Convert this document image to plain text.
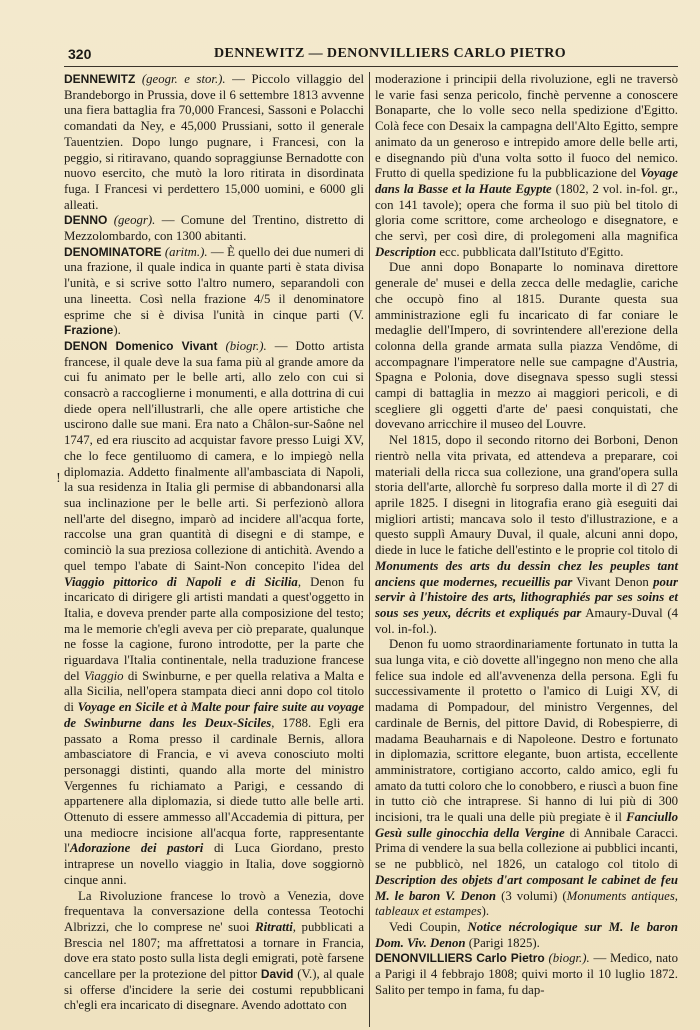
320	DENNEWITZ — DENONVILLIERS CARLO PIETRO
!

DENNEWITZ (geogr. e stor.). — Piccolo villaggio del Brandeborgo in Prussia, dove il 6 settembre 1813 avvenne una fiera battaglia fra 70,000 Francesi, Sassoni e Polacchi comandati da Ney, e 45,000 Prussiani, sotto il generale Tauentzien. Dopo lungo pugnare, i Francesi, con la peggio, si ritiravano, quando sopraggiunse Bernadotte con nuovo esercito, che mutò la loro ritirata in disordinata fuga. I Francesi vi perdettero 15,000 uomini, e 6000 gli alleati.

DENNO (geogr). — Comune del Trentino, distretto di Mezzolombardo, con 1300 abitanti.

DENOMINATORE (aritm.). — È quello dei due numeri di una frazione, il quale indica in quante parti è stata divisa l'unità, e si scrive sotto l'altro numero, separandoli con una lineetta. Così nella frazione 4/5 il denominatore esprime che si è divisa l'unità in cinque parti (V. Frazione).

DENON Domenico Vivant (biogr.). — Dotto artista francese, il quale deve la sua fama più al grande amore da cui fu animato per le belle arti, allo zelo con cui si consacrò a raccoglierne i monumenti, e alla dottrina di cui diede opera nell'illustrarli, che alle opere artistiche che uscirono dalle sue mani. Era nato a Châlon-sur-Saône nel 1747, ed era riuscito ad acquistar favore presso Luigi XV, che lo fece gentiluomo di camera, e lo impiegò nella diplomazia. Addetto finalmente all'ambasciata di Napoli, la sua residenza in Italia gli permise di abbandonarsi alla sua inclinazione per le belle arti. Si perfezionò allora nell'arte del disegno, imparò ad incidere all'acqua forte, raccolse una gran quantità di disegni e di stampe, e cominciò la sua preziosa collezione di antichità. Avendo a quel tempo l'abate di Saint-Non concepito l'idea del Viaggio pittorico di Napoli e di Sicilia, Denon fu incaricato di dirigere gli artisti mandati a quest'oggetto in Italia, e doveva prender parte alla composizione del testo; ma le memorie ch'egli aveva per ciò preparate, qualunque ne fosse la cagione, furono introdotte, per la parte che riguardava l'Italia continentale, nella traduzione francese del Viaggio di Swinburne, e per quella relativa a Malta e alla Sicilia, nell'opera stampata dieci anni dopo col titolo di Voyage en Sicile et à Malte pour faire suite au voyage de Swinburne dans les Deux-Siciles, 1788. Egli era passato a Roma presso il cardinale Bernis, allora ambasciatore di Francia, e vi aveva conosciuto molti personaggi distinti, quando alla morte del ministro Vergennes fu richiamato a Parigi, e cessando di appartenere alla diplomazia, si diede tutto alle belle arti. Ottenuto di essere ammesso all'Accademia di pittura, per una mediocre incisione all'acqua forte, rappresentante l'Adorazione dei pastori di Luca Giordano, presto intraprese un novello viaggio in Italia, dove soggiornò cinque anni.

La Rivoluzione francese lo trovò a Venezia, dove frequentava la conversazione della contessa Teotochi Albrizzi, che lo comprese ne' suoi Ritratti, pubblicati a Brescia nel 1807; ma affrettatosi a tornare in Francia, dove era stato posto sulla lista degli emigrati, potè farsene cancellare per la protezione del pittor David (V.), al quale si offerse d'incidere la serie dei costumi repubblicani ch'egli era incaricato di disegnare. Avendo adottato con

moderazione i principii della rivoluzione, egli ne traversò le varie fasi senza pericolo, finchè pervenne a conoscere Bonaparte, che lo volle seco nella spedizione d'Egitto. Colà fece con Desaix la campagna dell'Alto Egitto, sempre animato da un generoso e intrepido amore delle belle arti, e disegnando più d'una volta sotto il fuoco del nemico. Frutto di quella spedizione fu la pubblicazione del Voyage dans la Basse et la Haute Egypte (1802, 2 vol. in-fol. gr., con 141 tavole); opera che forma il suo più bel titolo di gloria come scrittore, come archeologo e disegnatore, e che servì, per così dire, di prolegomeni alla magnifica Description ecc. pubblicata dall'Istituto d'Egitto.

Due anni dopo Bonaparte lo nominava direttore generale de' musei e della zecca delle medaglie, cariche che occupò fino al 1815. Durante questa sua amministrazione egli fu incaricato di far coniare le medaglie dell'Impero, di sovrintendere all'erezione della colonna della grande armata sulla piazza Vendôme, di accompagnare l'imperatore nelle sue campagne d'Austria, Spagna e Polonia, dove disegnava spesso sugli stessi campi di battaglia in mezzo ai maggiori pericoli, e di scegliere gli oggetti d'arte de' paesi conquistati, che dovevano arricchire il museo del Louvre.

Nel 1815, dopo il secondo ritorno dei Borboni, Denon rientrò nella vita privata, ed attendeva a preparare, coi materiali della ricca sua collezione, una grand'opera sulla storia dell'arte, allorchè fu sorpreso dalla morte il dì 27 di aprile 1825. I disegni in litografia erano già eseguiti dai migliori artisti; mancava solo il testo d'illustrazione, e a questo supplì Amaury Duval, il quale, alcuni anni dopo, diede in luce le fatiche dell'estinto e le proprie col titolo di Monuments des arts du dessin chez les peuples tant anciens que modernes, recueillis par Vivant Denon pour servir à l'histoire des arts, lithographiés par ses soins et sous ses yeux, décrits et expliqués par Amaury-Duval (4 vol. in-fol.).

Denon fu uomo straordinariamente fortunato in tutta la sua lunga vita, e ciò dovette all'ingegno non meno che alla felice sua indole ed all'avvenenza della persona. Egli fu successivamente il protetto o l'amico di Luigi XV, di madama di Pompadour, del ministro Vergennes, del cardinale de Bernis, del pittore David, di Robespierre, di madama Beauharnais e di Napoleone. Destro e fortunato in diplomazia, scrittore elegante, buon artista, eccellente amministratore, cortigiano accorto, caldo amico, egli fu amato da tutti coloro che lo conobbero, e riuscì a buon fine in tutto ciò che intraprese. Si hanno di lui più di 300 incisioni, tra le quali una delle più pregiate è il Fanciullo Gesù sulle ginocchia della Vergine di Annibale Caracci. Prima di vendere la sua bella collezione ai pubblici incanti, se ne pubblicò, nel 1826, un catalogo col titolo di Description des objets d'art composant le cabinet de feu M. le baron V. Denon (3 volumi) (Monuments antiques, tableaux et estampes).

Vedi Coupin, Notice nécrologique sur M. le baron Dom. Viv. Denon (Parigi 1825).

DENONVILLIERS Carlo Pietro (biogr.). — Medico, nato a Parigi il 4 febbrajo 1808; quivi morto il 10 luglio 1872. Salito per tempo in fama, fu dap-
